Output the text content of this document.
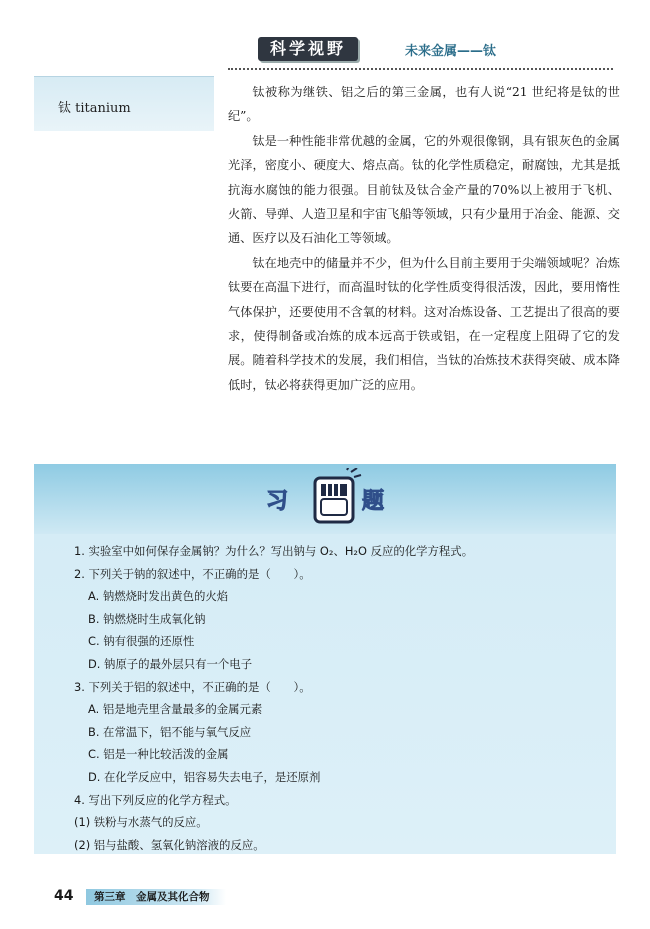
科学视野	未来金属——钛
钛 titanium

钛被称为继铁、铝之后的第三金属，也有人说“21 世纪将是钛的世纪”。

钛是一种性能非常优越的金属，它的外观很像钢，具有银灰色的金属光泽，密度小、硬度大、熔点高。钛的化学性质稳定，耐腐蚀，尤其是抵抗海水腐蚀的能力很强。目前钛及钛合金产量的70%以上被用于飞机、火箭、导弹、人造卫星和宇宙飞船等领域，只有少量用于冶金、能源、交通、医疗以及石油化工等领域。

钛在地壳中的储量并不少，但为什么目前主要用于尖端领域呢？冶炼钛要在高温下进行，而高温时钛的化学性质变得很活泼，因此，要用惰性气体保护，还要使用不含氧的材料。这对冶炼设备、工艺提出了很高的要求，使得制备或冶炼的成本远高于铁或铝，在一定程度上阻碍了它的发展。随着科学技术的发展，我们相信，当钛的冶炼技术获得突破、成本降低时，钛必将获得更加广泛的应用。

习	题
1. 实验室中如何保存金属钠？为什么？写出钠与 O₂、H₂O 反应的化学方程式。
2. 下列关于钠的叙述中，不正确的是（　　）。
A. 钠燃烧时发出黄色的火焰
B. 钠燃烧时生成氧化钠
C. 钠有很强的还原性
D. 钠原子的最外层只有一个电子
3. 下列关于铝的叙述中，不正确的是（　　）。
A. 铝是地壳里含量最多的金属元素
B. 在常温下，铝不能与氧气反应
C. 铝是一种比较活泼的金属
D. 在化学反应中，铝容易失去电子，是还原剂
4. 写出下列反应的化学方程式。
(1) 铁粉与水蒸气的反应。
(2) 铝与盐酸、氢氧化钠溶液的反应。
44	第三章　金属及其化合物
